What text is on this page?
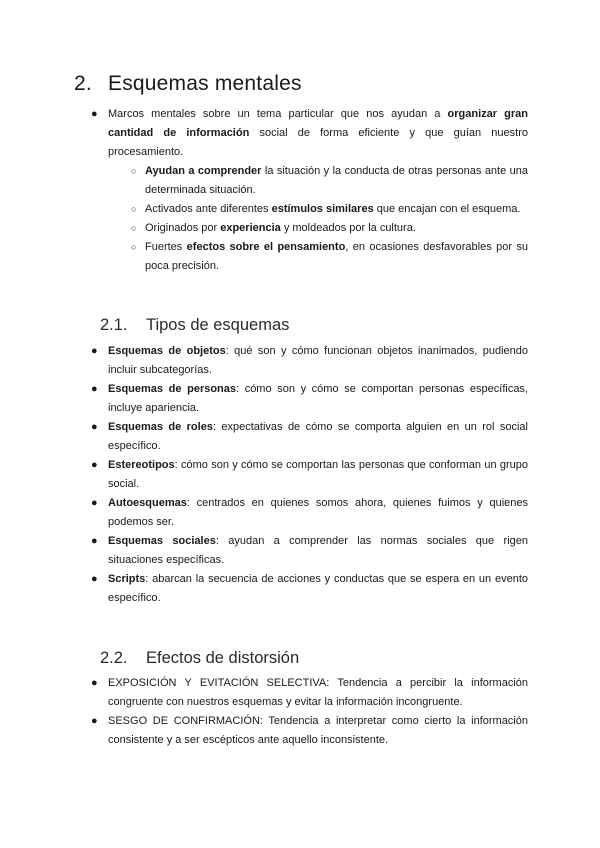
2. Esquemas mentales
● Marcos mentales sobre un tema particular que nos ayudan a organizar gran cantidad de información social de forma eficiente y que guían nuestro procesamiento.
○ Ayudan a comprender la situación y la conducta de otras personas ante una determinada situación.
○ Activados ante diferentes estímulos similares que encajan con el esquema.
○ Originados por experiencia y moldeados por la cultura.
○ Fuertes efectos sobre el pensamiento, en ocasiones desfavorables por su poca precisión.
2.1. Tipos de esquemas
● Esquemas de objetos: qué son y cómo funcionan objetos inanimados, pudiendo incluir subcategorías.
● Esquemas de personas: cómo son y cómo se comportan personas específicas, incluye apariencia.
● Esquemas de roles: expectativas de cómo se comporta alguien en un rol social específico.
● Estereotipos: cómo son y cómo se comportan las personas que conforman un grupo social.
● Autoesquemas: centrados en quienes somos ahora, quienes fuimos y quienes podemos ser.
● Esquemas sociales: ayudan a comprender las normas sociales que rigen situaciones específicas.
● Scripts: abarcan la secuencia de acciones y conductas que se espera en un evento específico.
2.2. Efectos de distorsión
● EXPOSICIÓN Y EVITACIÓN SELECTIVA: Tendencia a percibir la información congruente con nuestros esquemas y evitar la información incongruente.
● SESGO DE CONFIRMACIÓN: Tendencia a interpretar como cierto la información consistente y a ser escépticos ante aquello inconsistente.
